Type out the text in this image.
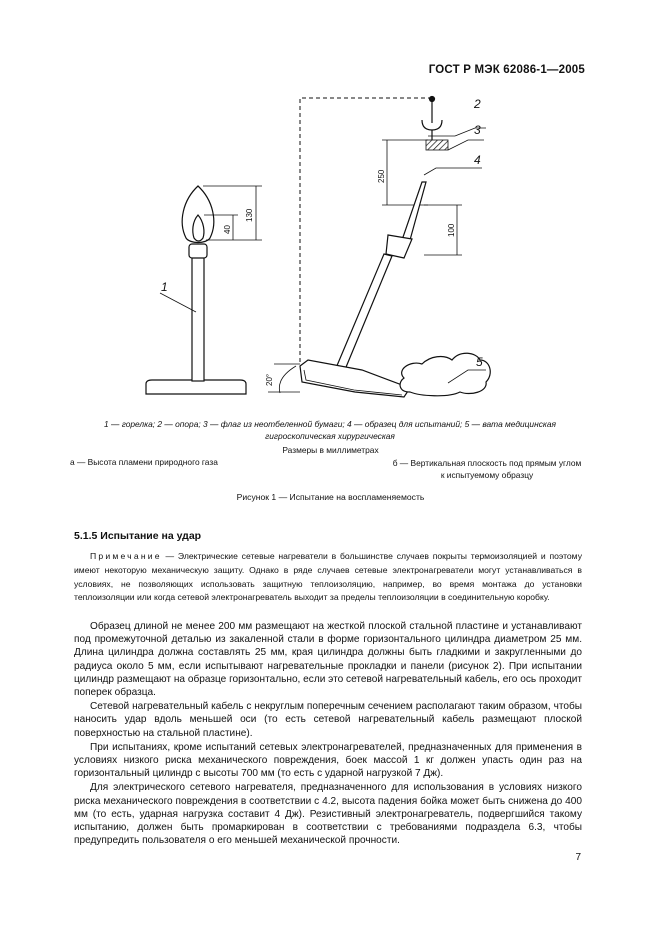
ГОСТ Р МЭК 62086-1—2005
1
2
3
4
5
130
40
250
100
20°
1 — горелка; 2 — опора; 3 — флаг из неотбеленной бумаги; 4 — образец для испытаний; 5 — вата медицинская гигроскопическая хирургическая
Размеры в миллиметрах
а — Высота пламени природного газа	б — Вертикальная плоскость под прямым углом к испытуемому образцу
Рисунок 1 — Испытание на воспламеняемость
5.1.5 Испытание на удар
Примечание — Электрические сетевые нагреватели в большинстве случаев покрыты термоизоляцией и поэтому имеют некоторую механическую защиту. Однако в ряде случаев сетевые электронагреватели могут устанавливаться в условиях, не позволяющих использовать защитную теплоизоляцию, например, во время монтажа до установки теплоизоляции или когда сетевой электронагреватель выходит за пределы теплоизоляции в соединительную коробку.

Образец длиной не менее 200 мм размещают на жесткой плоской стальной пластине и устанавливают под промежуточной деталью из закаленной стали в форме горизонтального цилиндра диаметром 25 мм. Длина цилиндра должна составлять 25 мм, края цилиндра должны быть гладкими и закругленными до радиуса около 5 мм, если испытывают нагревательные прокладки и панели (рисунок 2). При испытании цилиндр размещают на образце горизонтально, если это сетевой нагревательный кабель, его ось проходит поперек образца.

Сетевой нагревательный кабель с некруглым поперечным сечением располагают таким образом, чтобы наносить удар вдоль меньшей оси (то есть сетевой нагревательный кабель размещают плоской поверхностью на стальной пластине).

При испытаниях, кроме испытаний сетевых электронагревателей, предназначенных для применения в условиях низкого риска механического повреждения, боек массой 1 кг должен упасть один раз на горизонтальный цилиндр с высоты 700 мм (то есть с ударной нагрузкой 7 Дж).

Для электрического сетевого нагревателя, предназначенного для использования в условиях низкого риска механического повреждения в соответствии с 4.2, высота падения бойка может быть снижена до 400 мм (то есть, ударная нагрузка составит 4 Дж). Резистивный электронагреватель, подвергшийся такому испытанию, должен быть промаркирован в соответствии с требованиями подраздела 6.3, чтобы предупредить пользователя о его меньшей механической прочности.

7
